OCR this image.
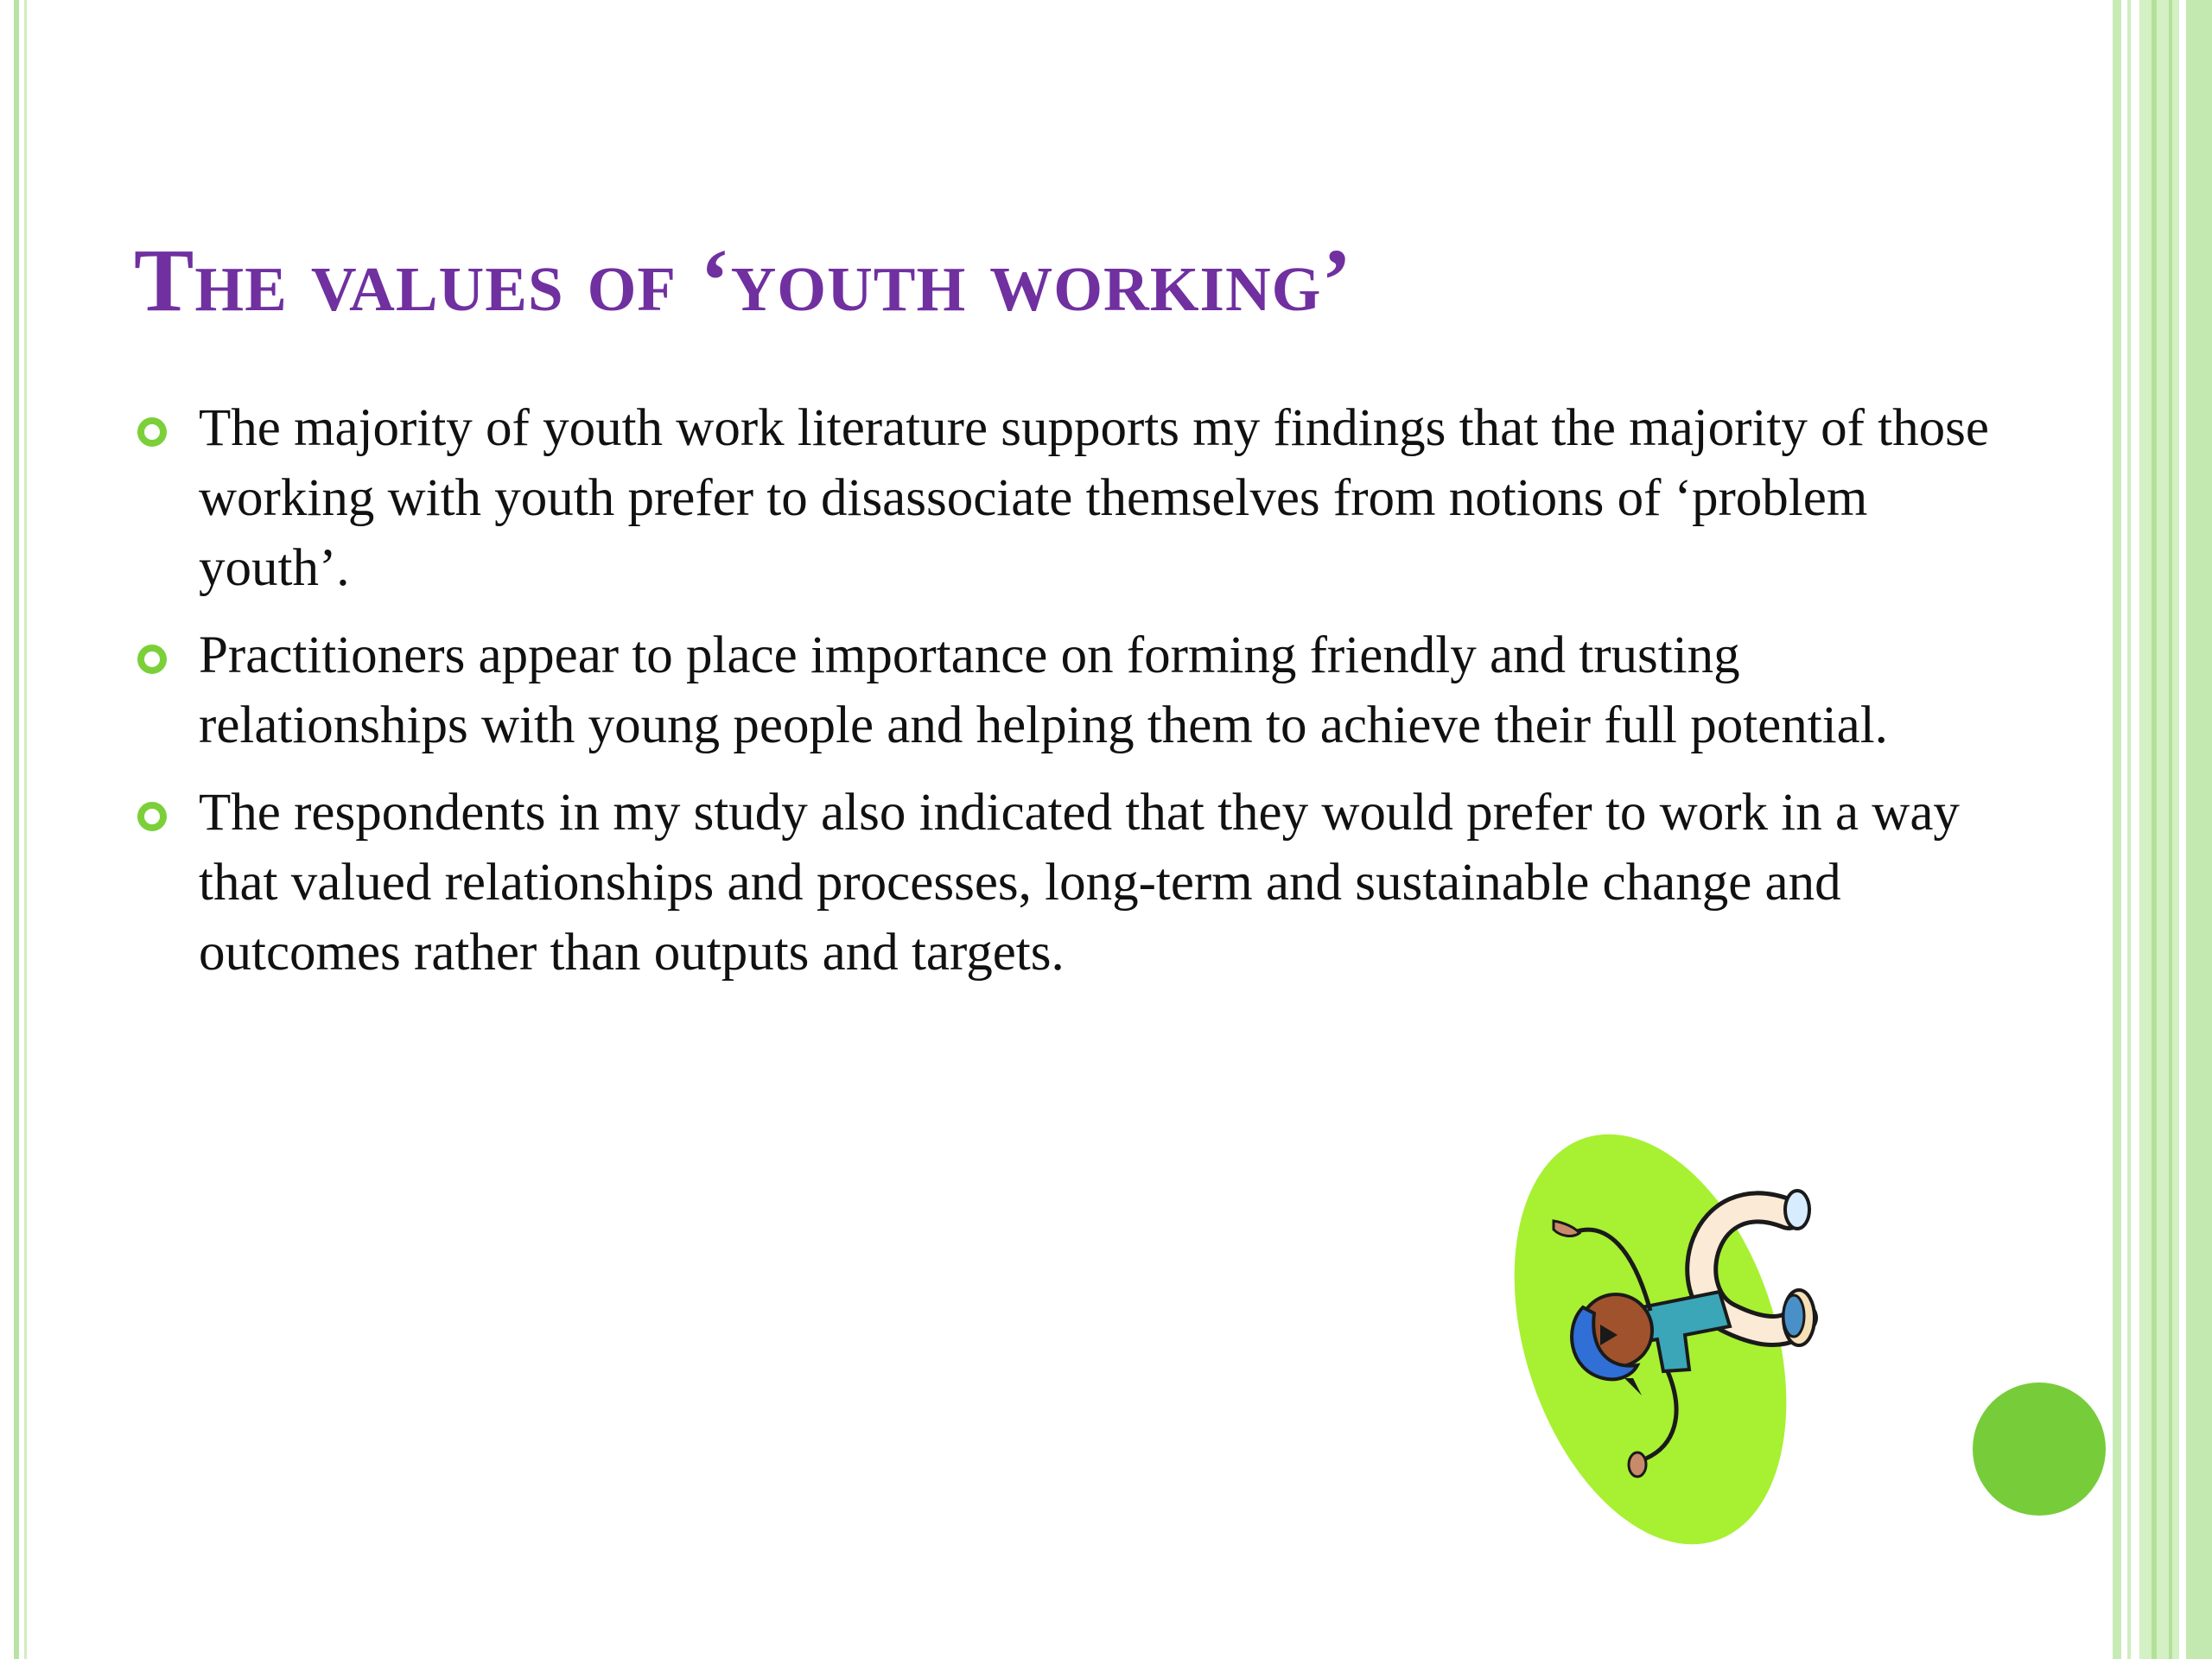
The values of ‘youth working’
The majority of youth work literature supports my findings that the majority of those working with youth prefer to disassociate themselves from notions of ‘problem youth’.
Practitioners appear to place importance on forming friendly and trusting relationships with young people and helping them to achieve their full potential.
The respondents in my study also indicated that they would prefer to work in a way that valued relationships and processes, long-term and sustainable change and outcomes rather than outputs and targets.
